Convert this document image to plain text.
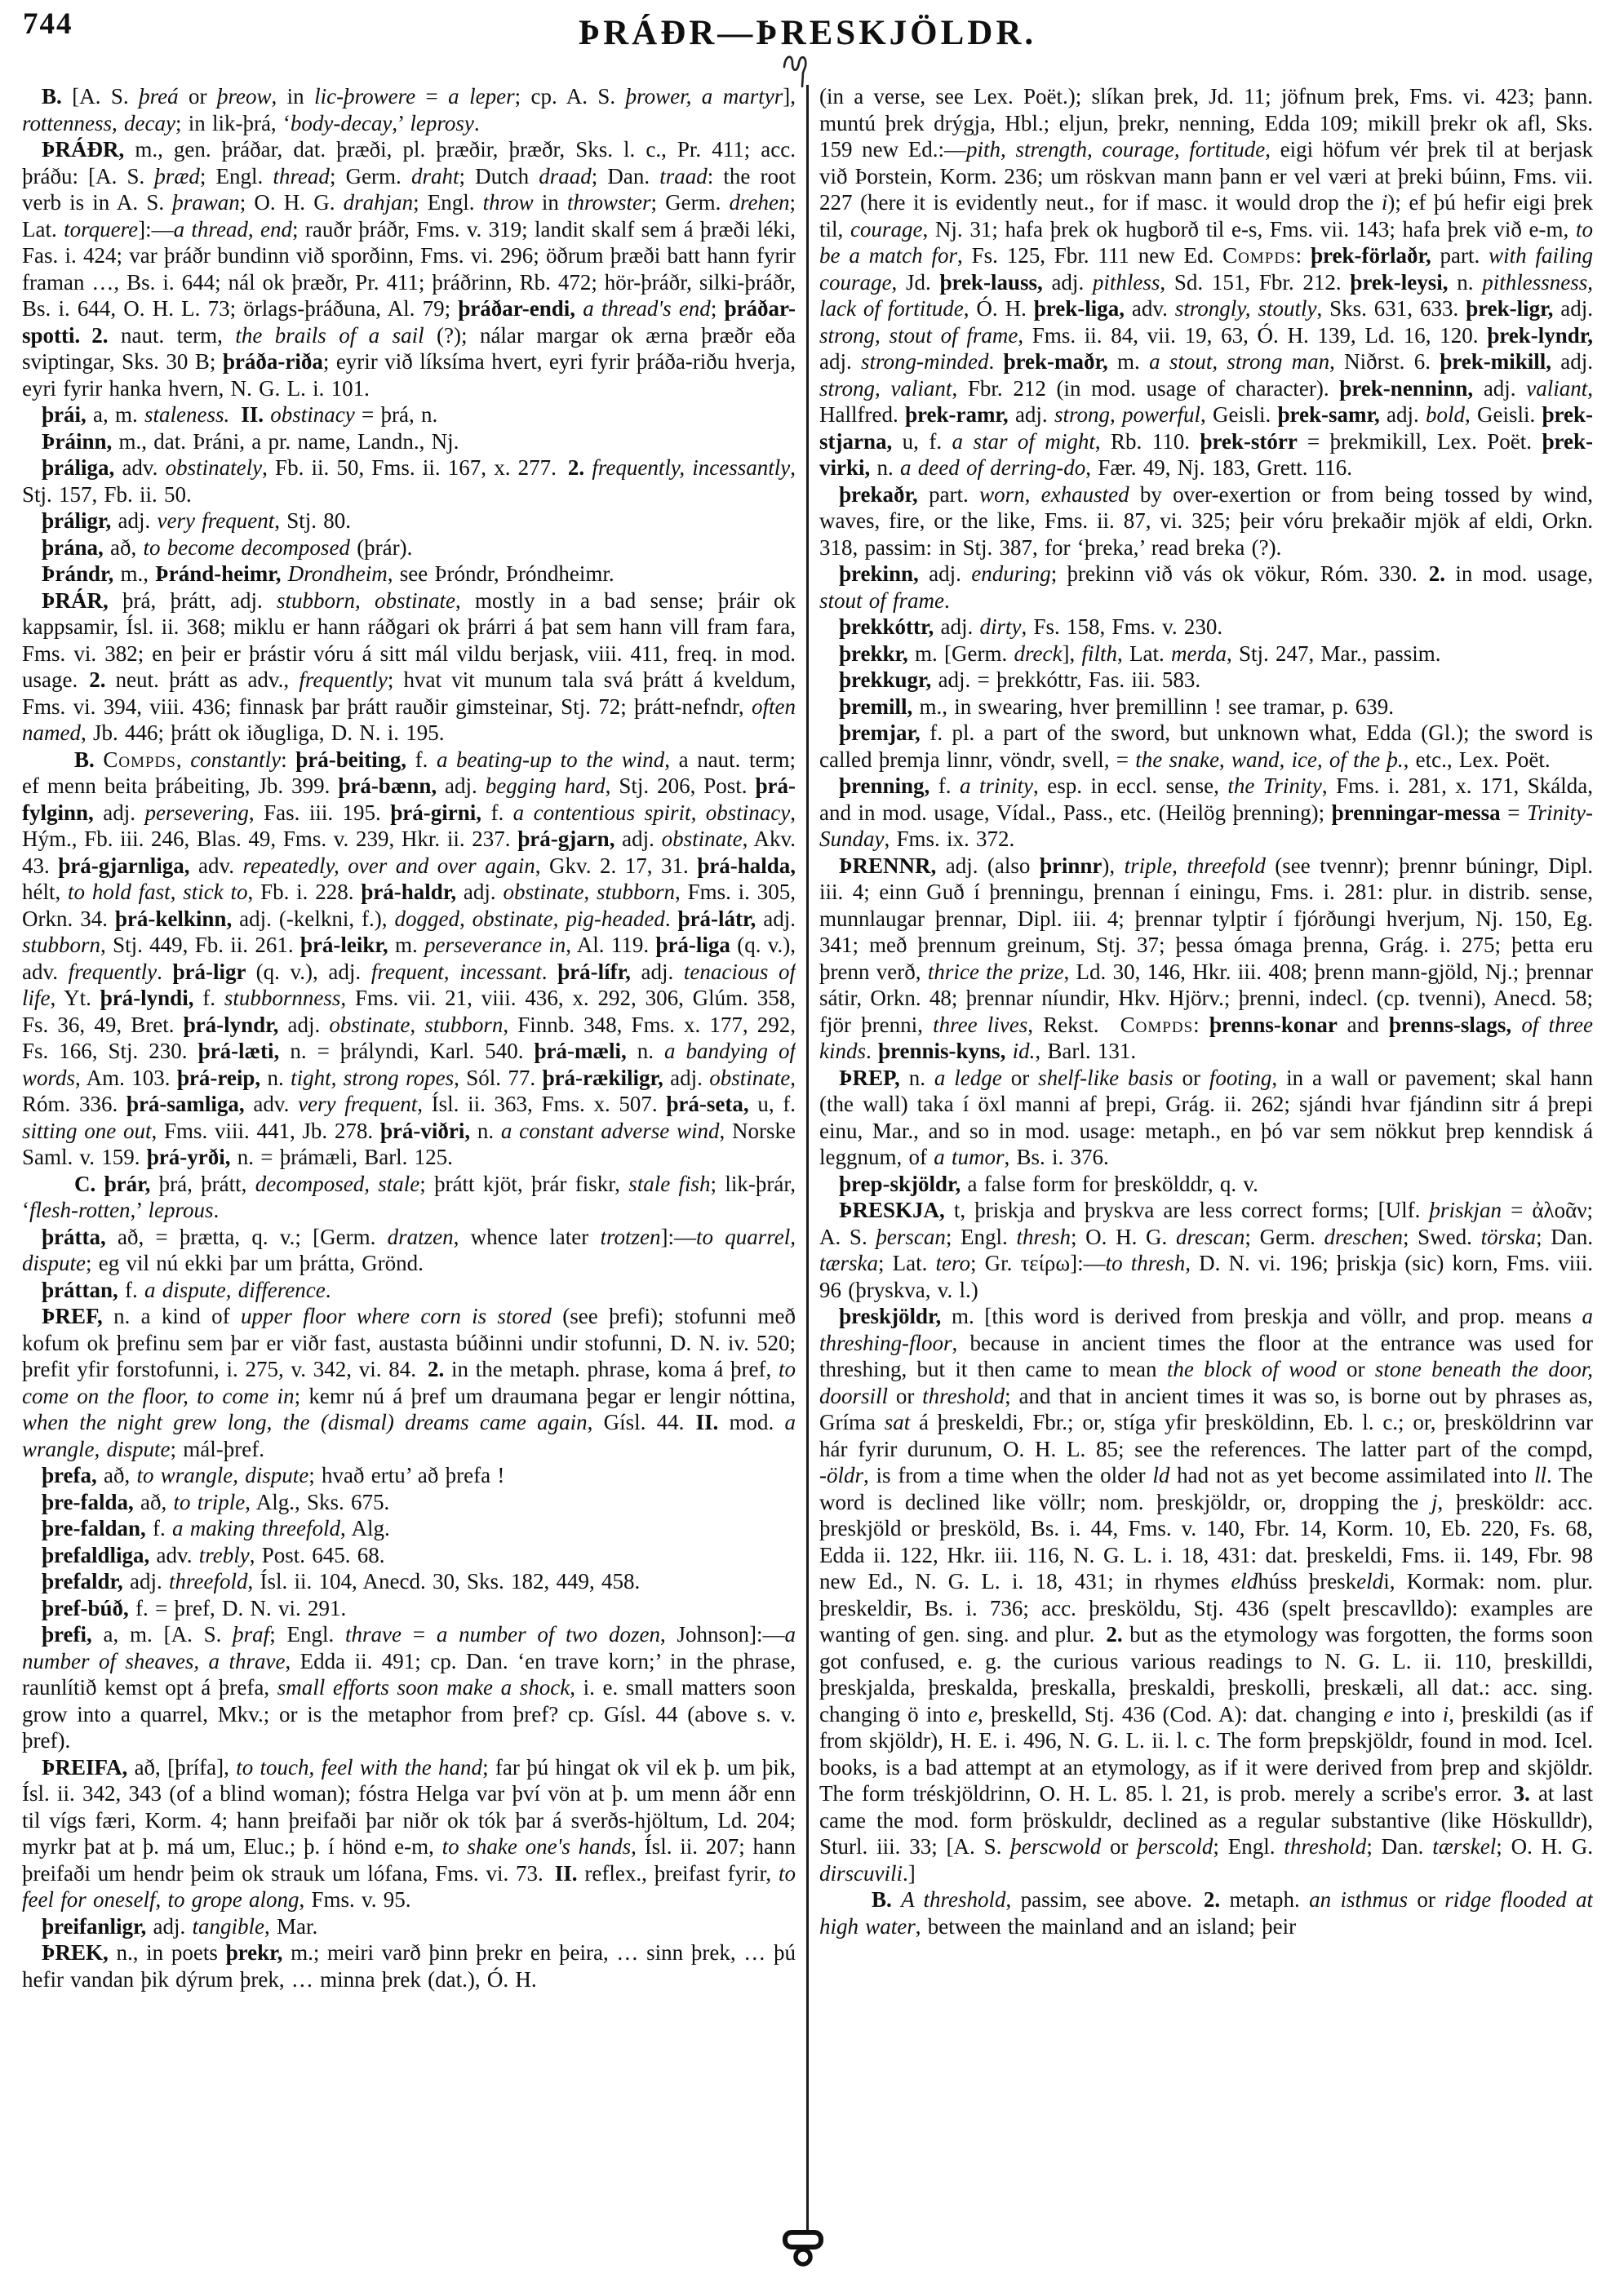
744	ÞRÁÐR—ÞRESKJÖLDR.

B. [A. S. þreá or þreow, in lic-þrowere = a leper; cp. A. S. þrower, a martyr], rottenness, decay; in lik-þrá, ‘body-decay,’ leprosy.

ÞRÁÐR, m., gen. þráðar, dat. þræði, pl. þræðir, þræðr, Sks. l. c., Pr. 411; acc. þráðu: [A. S. þræd; Engl. thread; Germ. draht; Dutch draad; Dan. traad: the root verb is in A. S. þrawan; O. H. G. drahjan; Engl. throw in throwster; Germ. drehen; Lat. torquere]:—a thread, end; rauðr þráðr, Fms. v. 319; landit skalf sem á þræði léki, Fas. i. 424; var þráðr bundinn við sporðinn, Fms. vi. 296; öðrum þræði batt hann fyrir framan …, Bs. i. 644; nál ok þræðr, Pr. 411; þráðrinn, Rb. 472; hör-þráðr, silki-þráðr, Bs. i. 644, O. H. L. 73; örlags-þráðuna, Al. 79; þráðar-endi, a thread's end; þráðar-spotti. 2. naut. term, the brails of a sail (?); nálar margar ok ærna þræðr eða sviptingar, Sks. 30 B; þráða-riða; eyrir við líksíma hvert, eyri fyrir þráða-riðu hverja, eyri fyrir hanka hvern, N. G. L. i. 101.

þrái, a, m. staleness. II. obstinacy = þrá, n.

Þráinn, m., dat. Þráni, a pr. name, Landn., Nj.

þráliga, adv. obstinately, Fb. ii. 50, Fms. ii. 167, x. 277. 2. frequently, incessantly, Stj. 157, Fb. ii. 50.

þráligr, adj. very frequent, Stj. 80.

þrána, að, to become decomposed (þrár).

Þrándr, m., Þránd-heimr, Drondheim, see Þróndr, Þróndheimr.

ÞRÁR, þrá, þrátt, adj. stubborn, obstinate, mostly in a bad sense; þráir ok kappsamir, Ísl. ii. 368; miklu er hann ráðgari ok þrárri á þat sem hann vill fram fara, Fms. vi. 382; en þeir er þrástir vóru á sitt mál vildu berjask, viii. 411, freq. in mod. usage. 2. neut. þrátt as adv., frequently; hvat vit munum tala svá þrátt á kveldum, Fms. vi. 394, viii. 436; finnask þar þrátt rauðir gimsteinar, Stj. 72; þrátt-nefndr, often named, Jb. 446; þrátt ok iðugliga, D. N. i. 195.

B. Compds, constantly: þrá-beiting, f. a beating-up to the wind, a naut. term; ef menn beita þrábeiting, Jb. 399. þrá-bænn, adj. begging hard, Stj. 206, Post. þrá-fylginn, adj. persevering, Fas. iii. 195. þrá-girni, f. a contentious spirit, obstinacy, Hým., Fb. iii. 246, Blas. 49, Fms. v. 239, Hkr. ii. 237. þrá-gjarn, adj. obstinate, Akv. 43. þrá-gjarnliga, adv. repeatedly, over and over again, Gkv. 2. 17, 31. þrá-halda, hélt, to hold fast, stick to, Fb. i. 228. þrá-haldr, adj. obstinate, stubborn, Fms. i. 305, Orkn. 34. þrá-kelkinn, adj. (-kelkni, f.), dogged, obstinate, pig-headed. þrá-látr, adj. stubborn, Stj. 449, Fb. ii. 261. þrá-leikr, m. perseverance in, Al. 119. þrá-liga (q. v.), adv. frequently. þrá-ligr (q. v.), adj. frequent, incessant. þrá-lífr, adj. tenacious of life, Yt. þrá-lyndi, f. stubbornness, Fms. vii. 21, viii. 436, x. 292, 306, Glúm. 358, Fs. 36, 49, Bret. þrá-lyndr, adj. obstinate, stubborn, Finnb. 348, Fms. x. 177, 292, Fs. 166, Stj. 230. þrá-læti, n. = þrályndi, Karl. 540. þrá-mæli, n. a bandying of words, Am. 103. þrá-reip, n. tight, strong ropes, Sól. 77. þrá-rækiligr, adj. obstinate, Róm. 336. þrá-samliga, adv. very frequent, Ísl. ii. 363, Fms. x. 507. þrá-seta, u, f. sitting one out, Fms. viii. 441, Jb. 278. þrá-viðri, n. a constant adverse wind, Norske Saml. v. 159. þrá-yrði, n. = þrámæli, Barl. 125.

C. þrár, þrá, þrátt, decomposed, stale; þrátt kjöt, þrár fiskr, stale fish; lik-þrár, ‘flesh-rotten,’ leprous.

þrátta, að, = þrætta, q. v.; [Germ. dratzen, whence later trotzen]:—to quarrel, dispute; eg vil nú ekki þar um þrátta, Grönd.

þráttan, f. a dispute, difference.

ÞREF, n. a kind of upper floor where corn is stored (see þrefi); stofunni með kofum ok þrefinu sem þar er viðr fast, austasta búðinni undir stofunni, D. N. iv. 520; þrefit yfir forstofunni, i. 275, v. 342, vi. 84. 2. in the metaph. phrase, koma á þref, to come on the floor, to come in; kemr nú á þref um draumana þegar er lengir nóttina, when the night grew long, the (dismal) dreams came again, Gísl. 44. II. mod. a wrangle, dispute; mál-þref.

þrefa, að, to wrangle, dispute; hvað ertu’ að þrefa !

þre-falda, að, to triple, Alg., Sks. 675.

þre-faldan, f. a making threefold, Alg.

þrefaldliga, adv. trebly, Post. 645. 68.

þrefaldr, adj. threefold, Ísl. ii. 104, Anecd. 30, Sks. 182, 449, 458.

þref-búð, f. = þref, D. N. vi. 291.

þrefi, a, m. [A. S. þraf; Engl. thrave = a number of two dozen, Johnson]:—a number of sheaves, a thrave, Edda ii. 491; cp. Dan. ‘en trave korn;’ in the phrase, raunlítið kemst opt á þrefa, small efforts soon make a shock, i. e. small matters soon grow into a quarrel, Mkv.; or is the metaphor from þref? cp. Gísl. 44 (above s. v. þref).

ÞREIFA, að, [þrífa], to touch, feel with the hand; far þú hingat ok vil ek þ. um þik, Ísl. ii. 342, 343 (of a blind woman); fóstra Helga var því vön at þ. um menn áðr enn til vígs færi, Korm. 4; hann þreifaði þar niðr ok tók þar á sverðs-hjöltum, Ld. 204; myrkr þat at þ. má um, Eluc.; þ. í hönd e-m, to shake one's hands, Ísl. ii. 207; hann þreifaði um hendr þeim ok strauk um lófana, Fms. vi. 73. II. reflex., þreifast fyrir, to feel for oneself, to grope along, Fms. v. 95.

þreifanligr, adj. tangible, Mar.

ÞREK, n., in poets þrekr, m.; meiri varð þinn þrekr en þeira, … sinn þrek, … þú hefir vandan þik dýrum þrek, … minna þrek (dat.), Ó. H.

(in a verse, see Lex. Poët.); slíkan þrek, Jd. 11; jöfnum þrek, Fms. vi. 423; þann. muntú þrek drýgja, Hbl.; eljun, þrekr, nenning, Edda 109; mikill þrekr ok afl, Sks. 159 new Ed.:—pith, strength, courage, fortitude, eigi höfum vér þrek til at berjask við Þorstein, Korm. 236; um röskvan mann þann er vel væri at þreki búinn, Fms. vii. 227 (here it is evidently neut., for if masc. it would drop the i); ef þú hefir eigi þrek til, courage, Nj. 31; hafa þrek ok hugborð til e-s, Fms. vii. 143; hafa þrek við e-m, to be a match for, Fs. 125, Fbr. 111 new Ed. Compds: þrek-förlaðr, part. with failing courage, Jd. þrek-lauss, adj. pithless, Sd. 151, Fbr. 212. þrek-leysi, n. pithlessness, lack of fortitude, Ó. H. þrek-liga, adv. strongly, stoutly, Sks. 631, 633. þrek-ligr, adj. strong, stout of frame, Fms. ii. 84, vii. 19, 63, Ó. H. 139, Ld. 16, 120. þrek-lyndr, adj. strong-minded. þrek-maðr, m. a stout, strong man, Niðrst. 6. þrek-mikill, adj. strong, valiant, Fbr. 212 (in mod. usage of character). þrek-nenninn, adj. valiant, Hallfred. þrek-ramr, adj. strong, powerful, Geisli. þrek-samr, adj. bold, Geisli. þrek-stjarna, u, f. a star of might, Rb. 110. þrek-stórr = þrekmikill, Lex. Poët. þrek-virki, n. a deed of derring-do, Fær. 49, Nj. 183, Grett. 116.

þrekaðr, part. worn, exhausted by over-exertion or from being tossed by wind, waves, fire, or the like, Fms. ii. 87, vi. 325; þeir vóru þrekaðir mjök af eldi, Orkn. 318, passim: in Stj. 387, for ‘þreka,’ read breka (?).

þrekinn, adj. enduring; þrekinn við vás ok vökur, Róm. 330. 2. in mod. usage, stout of frame.

þrekkóttr, adj. dirty, Fs. 158, Fms. v. 230.

þrekkr, m. [Germ. dreck], filth, Lat. merda, Stj. 247, Mar., passim.

þrekkugr, adj. = þrekkóttr, Fas. iii. 583.

þremill, m., in swearing, hver þremillinn ! see tramar, p. 639.

þremjar, f. pl. a part of the sword, but unknown what, Edda (Gl.); the sword is called þremja linnr, vöndr, svell, = the snake, wand, ice, of the þ., etc., Lex. Poët.

þrenning, f. a trinity, esp. in eccl. sense, the Trinity, Fms. i. 281, x. 171, Skálda, and in mod. usage, Vídal., Pass., etc. (Heilög þrenning); þrenningar-messa = Trinity-Sunday, Fms. ix. 372.

ÞRENNR, adj. (also þrinnr), triple, threefold (see tvennr); þrennr búningr, Dipl. iii. 4; einn Guð í þrenningu, þrennan í einingu, Fms. i. 281: plur. in distrib. sense, munnlaugar þrennar, Dipl. iii. 4; þrennar tylptir í fjórðungi hverjum, Nj. 150, Eg. 341; með þrennum greinum, Stj. 37; þessa ómaga þrenna, Grág. i. 275; þetta eru þrenn verð, thrice the prize, Ld. 30, 146, Hkr. iii. 408; þrenn mann-gjöld, Nj.; þrennar sátir, Orkn. 48; þrennar níundir, Hkv. Hjörv.; þrenni, indecl. (cp. tvenni), Anecd. 58; fjör þrenni, three lives, Rekst. Compds: þrenns-konar and þrenns-slags, of three kinds. þrennis-kyns, id., Barl. 131.

ÞREP, n. a ledge or shelf-like basis or footing, in a wall or pavement; skal hann (the wall) taka í öxl manni af þrepi, Grág. ii. 262; sjándi hvar fjándinn sitr á þrepi einu, Mar., and so in mod. usage: metaph., en þó var sem nökkut þrep kenndisk á leggnum, of a tumor, Bs. i. 376.

þrep-skjöldr, a false form for þreskölddr, q. v.

ÞRESKJA, t, þriskja and þryskva are less correct forms; [Ulf. þriskjan = ἀλοᾶν; A. S. þerscan; Engl. thresh; O. H. G. drescan; Germ. dreschen; Swed. törska; Dan. tærska; Lat. tero; Gr. τείρω]:—to thresh, D. N. vi. 196; þriskja (sic) korn, Fms. viii. 96 (þryskva, v. l.)

þreskjöldr, m. [this word is derived from þreskja and völlr, and prop. means a threshing-floor, because in ancient times the floor at the entrance was used for threshing, but it then came to mean the block of wood or stone beneath the door, doorsill or threshold; and that in ancient times it was so, is borne out by phrases as, Gríma sat á þreskeldi, Fbr.; or, stíga yfir þresköldinn, Eb. l. c.; or, þresköldrinn var hár fyrir durunum, O. H. L. 85; see the references. The latter part of the compd, -öldr, is from a time when the older ld had not as yet become assimilated into ll. The word is declined like völlr; nom. þreskjöldr, or, dropping the j, þresköldr: acc. þreskjöld or þresköld, Bs. i. 44, Fms. v. 140, Fbr. 14, Korm. 10, Eb. 220, Fs. 68, Edda ii. 122, Hkr. iii. 116, N. G. L. i. 18, 431: dat. þreskeldi, Fms. ii. 149, Fbr. 98 new Ed., N. G. L. i. 18, 431; in rhymes eldhúss þreskeldi, Kormak: nom. plur. þreskeldir, Bs. i. 736; acc. þresköldu, Stj. 436 (spelt þrescavlldo): examples are wanting of gen. sing. and plur. 2. but as the etymology was forgotten, the forms soon got confused, e. g. the curious various readings to N. G. L. ii. 110, þreskilldi, þreskjalda, þreskalda, þreskalla, þreskaldi, þreskolli, þreskæli, all dat.: acc. sing. changing ö into e, þreskelld, Stj. 436 (Cod. A): dat. changing e into i, þreskildi (as if from skjöldr), H. E. i. 496, N. G. L. ii. l. c. The form þrepskjöldr, found in mod. Icel. books, is a bad attempt at an etymology, as if it were derived from þrep and skjöldr. The form tréskjöldrinn, O. H. L. 85. l. 21, is prob. merely a scribe's error. 3. at last came the mod. form þröskuldr, declined as a regular substantive (like Höskulldr), Sturl. iii. 33; [A. S. þerscwold or þerscold; Engl. threshold; Dan. tærskel; O. H. G. dirscuvili.]

B. A threshold, passim, see above. 2. metaph. an isthmus or ridge flooded at high water, between the mainland and an island; þeir
